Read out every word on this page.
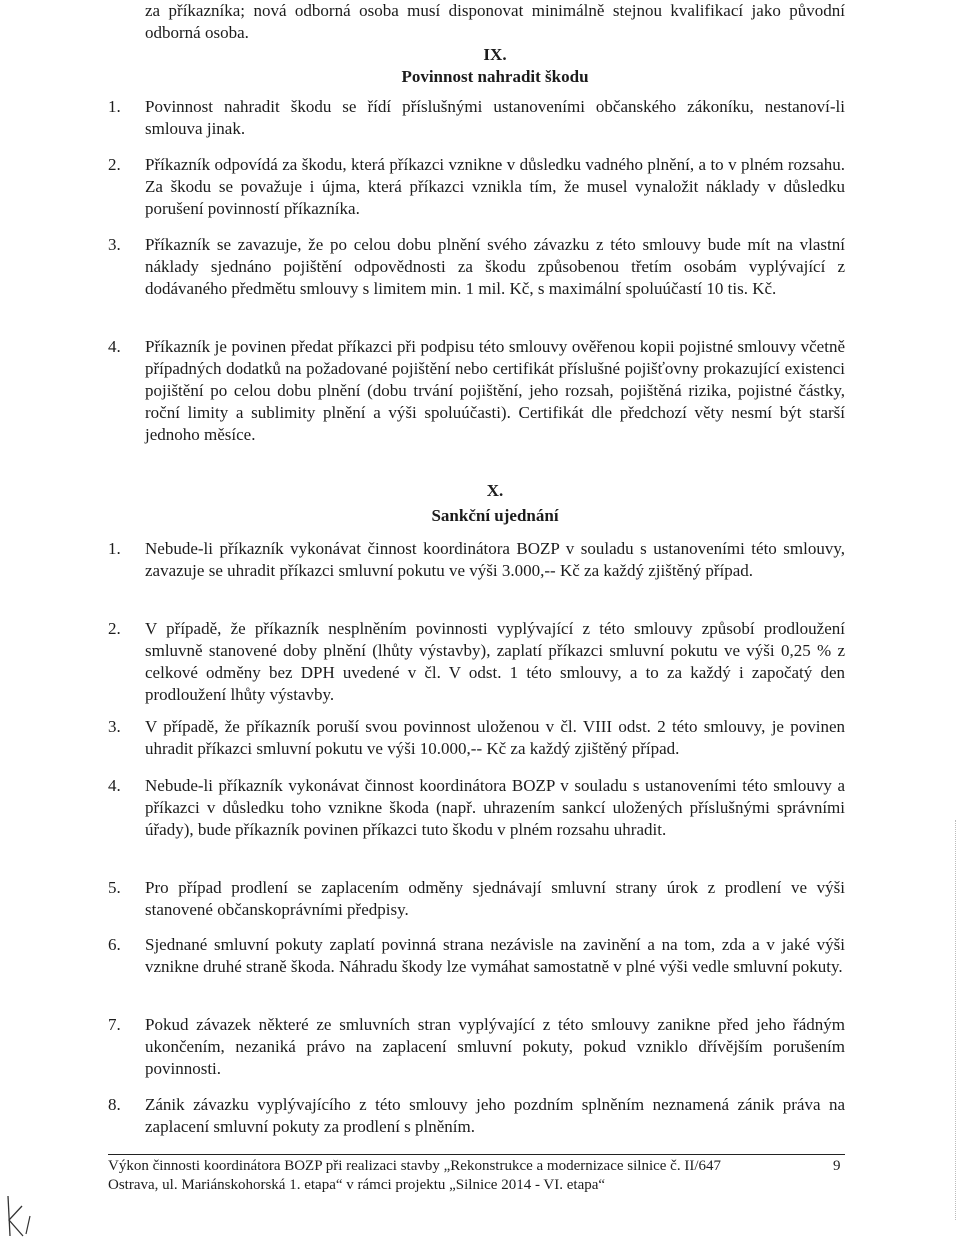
za příkazníka; nová odborná osoba musí disponovat minimálně stejnou kvalifikací jako původní odborná osoba.
IX.
Povinnost nahradit škodu
1.	Povinnost nahradit škodu se řídí příslušnými ustanoveními občanského zákoníku, nestanoví-li smlouva jinak.
2.	Příkazník odpovídá za škodu, která příkazci vznikne v důsledku vadného plnění, a to v plném rozsahu. Za škodu se považuje i újma, která příkazci vznikla tím, že musel vynaložit náklady v důsledku porušení povinností příkazníka.
3.	Příkazník se zavazuje, že po celou dobu plnění svého závazku z této smlouvy bude mít na vlastní náklady sjednáno pojištění odpovědnosti za škodu způsobenou třetím osobám vyplývající z dodávaného předmětu smlouvy s limitem min. 1 mil. Kč, s maximální spoluúčastí 10 tis. Kč.
4.	Příkazník je povinen předat příkazci při podpisu této smlouvy ověřenou kopii pojistné smlouvy včetně případných dodatků na požadované pojištění nebo certifikát příslušné pojišťovny prokazující existenci pojištění po celou dobu plnění (dobu trvání pojištění, jeho rozsah, pojištěná rizika, pojistné částky, roční limity a sublimity plnění a výši spoluúčasti). Certifikát dle předchozí věty nesmí být starší jednoho měsíce.
X.
Sankční ujednání
1.	Nebude-li příkazník vykonávat činnost koordinátora BOZP v souladu s ustanoveními této smlouvy, zavazuje se uhradit příkazci smluvní pokutu ve výši 3.000,-- Kč za každý zjištěný případ.
2.	V případě, že příkazník nesplněním povinnosti vyplývající z této smlouvy způsobí prodloužení smluvně stanovené doby plnění (lhůty výstavby), zaplatí příkazci smluvní pokutu ve výši 0,25 % z celkové odměny bez DPH uvedené v čl. V odst. 1 této smlouvy, a to za každý i započatý den prodloužení lhůty výstavby.
3.	V případě, že příkazník poruší svou povinnost uloženou v čl. VIII odst. 2 této smlouvy, je povinen uhradit příkazci smluvní pokutu ve výši 10.000,-- Kč za každý zjištěný případ.
4.	Nebude-li příkazník vykonávat činnost koordinátora BOZP v souladu s ustanoveními této smlouvy a příkazci v důsledku toho vznikne škoda (např. uhrazením sankcí uložených příslušnými správními úřady), bude příkazník povinen příkazci tuto škodu v plném rozsahu uhradit.
5.	Pro případ prodlení se zaplacením odměny sjednávají smluvní strany úrok z prodlení ve výši stanovené občanskoprávními předpisy.
6.	Sjednané smluvní pokuty zaplatí povinná strana nezávisle na zavinění a na tom, zda a v jaké výši vznikne druhé straně škoda. Náhradu škody lze vymáhat samostatně v plné výši vedle smluvní pokuty.
7.	Pokud závazek některé ze smluvních stran vyplývající z této smlouvy zanikne před jeho řádným ukončením, nezaniká právo na zaplacení smluvní pokuty, pokud vzniklo dřívějším porušením povinnosti.
8.	Zánik závazku vyplývajícího z této smlouvy jeho pozdním splněním neznamená zánik práva na zaplacení smluvní pokuty za prodlení s plněním.
Výkon činnosti koordinátora BOZP při realizaci stavby „Rekonstrukce a modernizace silnice č. II/647
Ostrava, ul. Mariánskohorská 1. etapa“ v rámci projektu „Silnice 2014 - VI. etapa“
9
